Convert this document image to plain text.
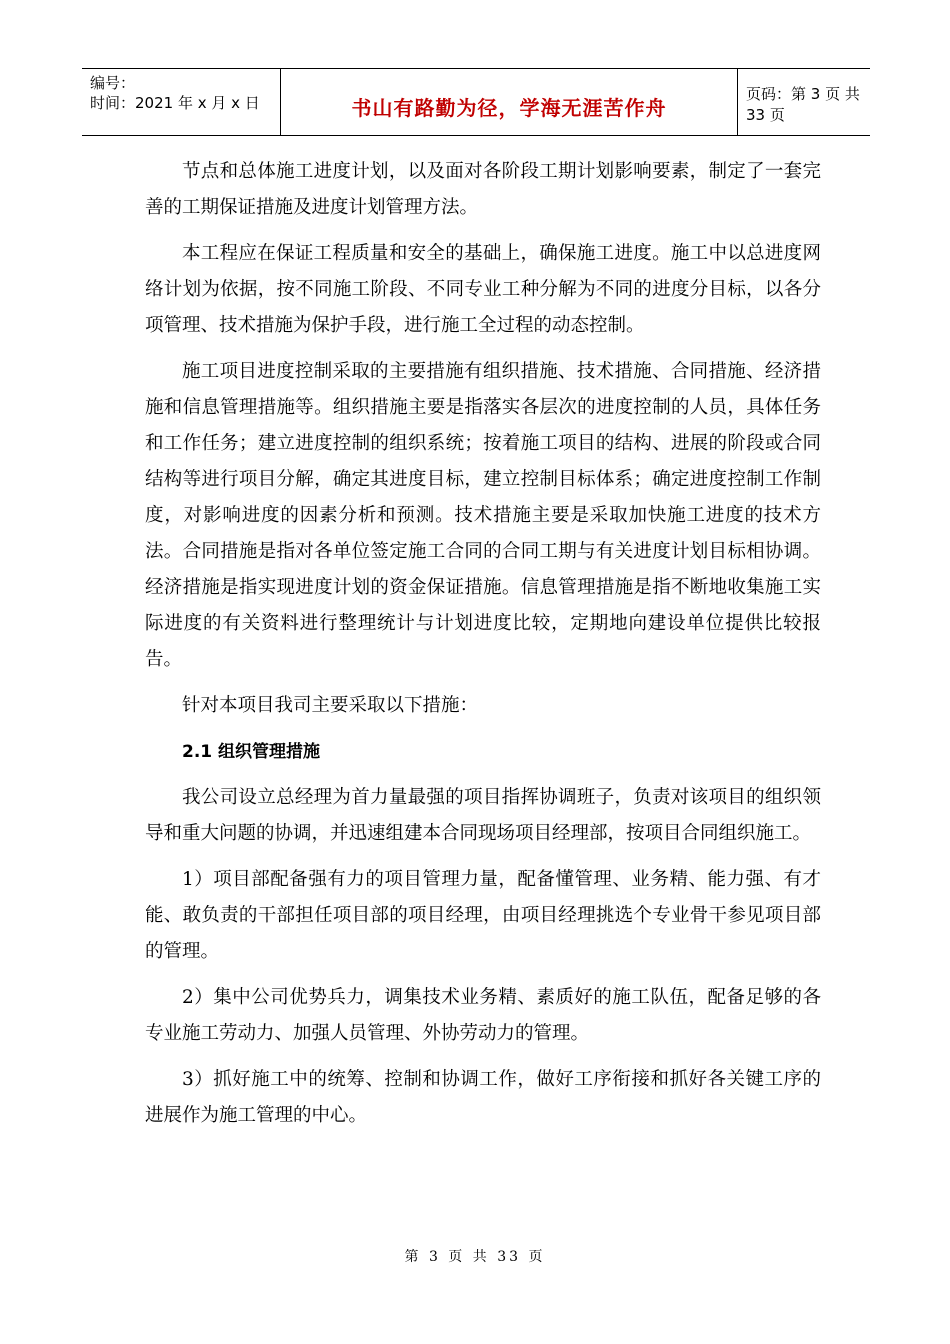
编号：
时间：2021 年 x 月 x 日	书山有路勤为径，学海无涯苦作舟
页码：第 3 页 共 33 页

节点和总体施工进度计划，以及面对各阶段工期计划影响要素，制定了一套完善的工期保证措施及进度计划管理方法。

本工程应在保证工程质量和安全的基础上，确保施工进度。施工中以总进度网络计划为依据，按不同施工阶段、不同专业工种分解为不同的进度分目标，以各分项管理、技术措施为保护手段，进行施工全过程的动态控制。

施工项目进度控制采取的主要措施有组织措施、技术措施、合同措施、经济措施和信息管理措施等。组织措施主要是指落实各层次的进度控制的人员，具体任务和工作任务；建立进度控制的组织系统；按着施工项目的结构、进展的阶段或合同结构等进行项目分解，确定其进度目标，建立控制目标体系；确定进度控制工作制度，对影响进度的因素分析和预测。技术措施主要是采取加快施工进度的技术方法。合同措施是指对各单位签定施工合同的合同工期与有关进度计划目标相协调。经济措施是指实现进度计划的资金保证措施。信息管理措施是指不断地收集施工实际进度的有关资料进行整理统计与计划进度比较，定期地向建设单位提供比较报告。

针对本项目我司主要采取以下措施：

2.1 组织管理措施

我公司设立总经理为首力量最强的项目指挥协调班子，负责对该项目的组织领导和重大问题的协调，并迅速组建本合同现场项目经理部，按项目合同组织施工。

1）项目部配备强有力的项目管理力量，配备懂管理、业务精、能力强、有才能、敢负责的干部担任项目部的项目经理，由项目经理挑选个专业骨干参见项目部的管理。

2）集中公司优势兵力，调集技术业务精、素质好的施工队伍，配备足够的各专业施工劳动力、加强人员管理、外协劳动力的管理。

3）抓好施工中的统筹、控制和协调工作，做好工序衔接和抓好各关键工序的进展作为施工管理的中心。

第 3 页 共 33 页
